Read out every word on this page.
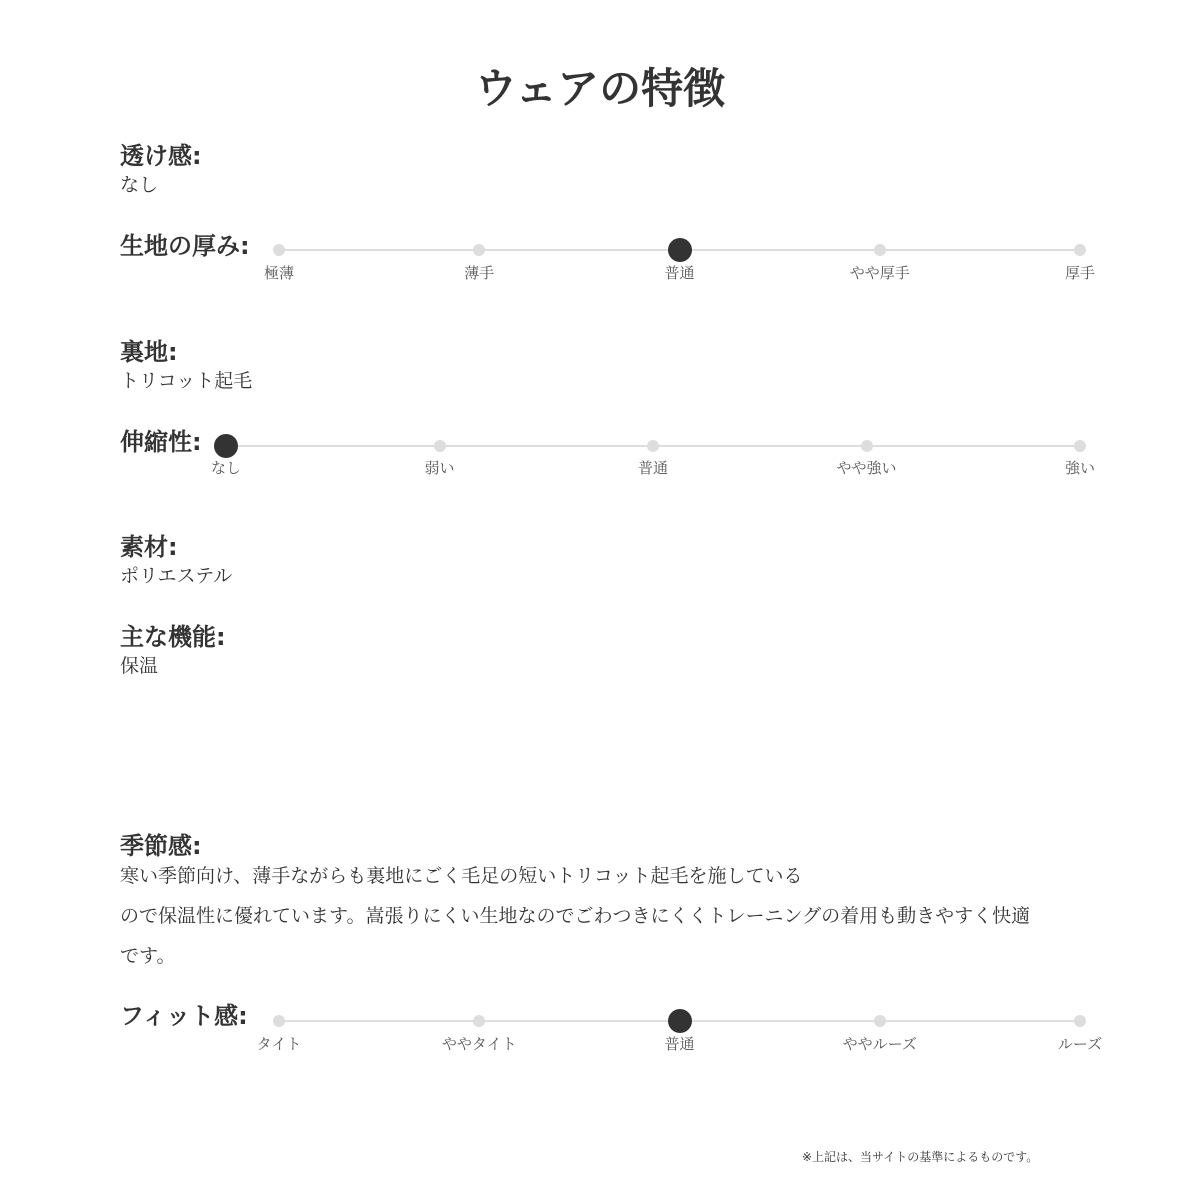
ウェアの特徴
透け感:
なし
生地の厚み:
裏地:
トリコット起毛
伸縮性:
素材:
ポリエステル
主な機能:
保温
季節感:
寒い季節向け、薄手ながらも裏地にごく毛足の短いトリコット起毛を施している
ので保温性に優れています。嵩張りにくい生地なのでごわつきにくくトレーニングの着用も動きやすく快適
です。
フィット感:
※上記は、当サイトの基準によるものです。
極薄	薄手	普通	やや厚手	厚手
なし	弱い	普通	やや強い	強い
タイト	ややタイト	普通	ややルーズ	ルーズ
